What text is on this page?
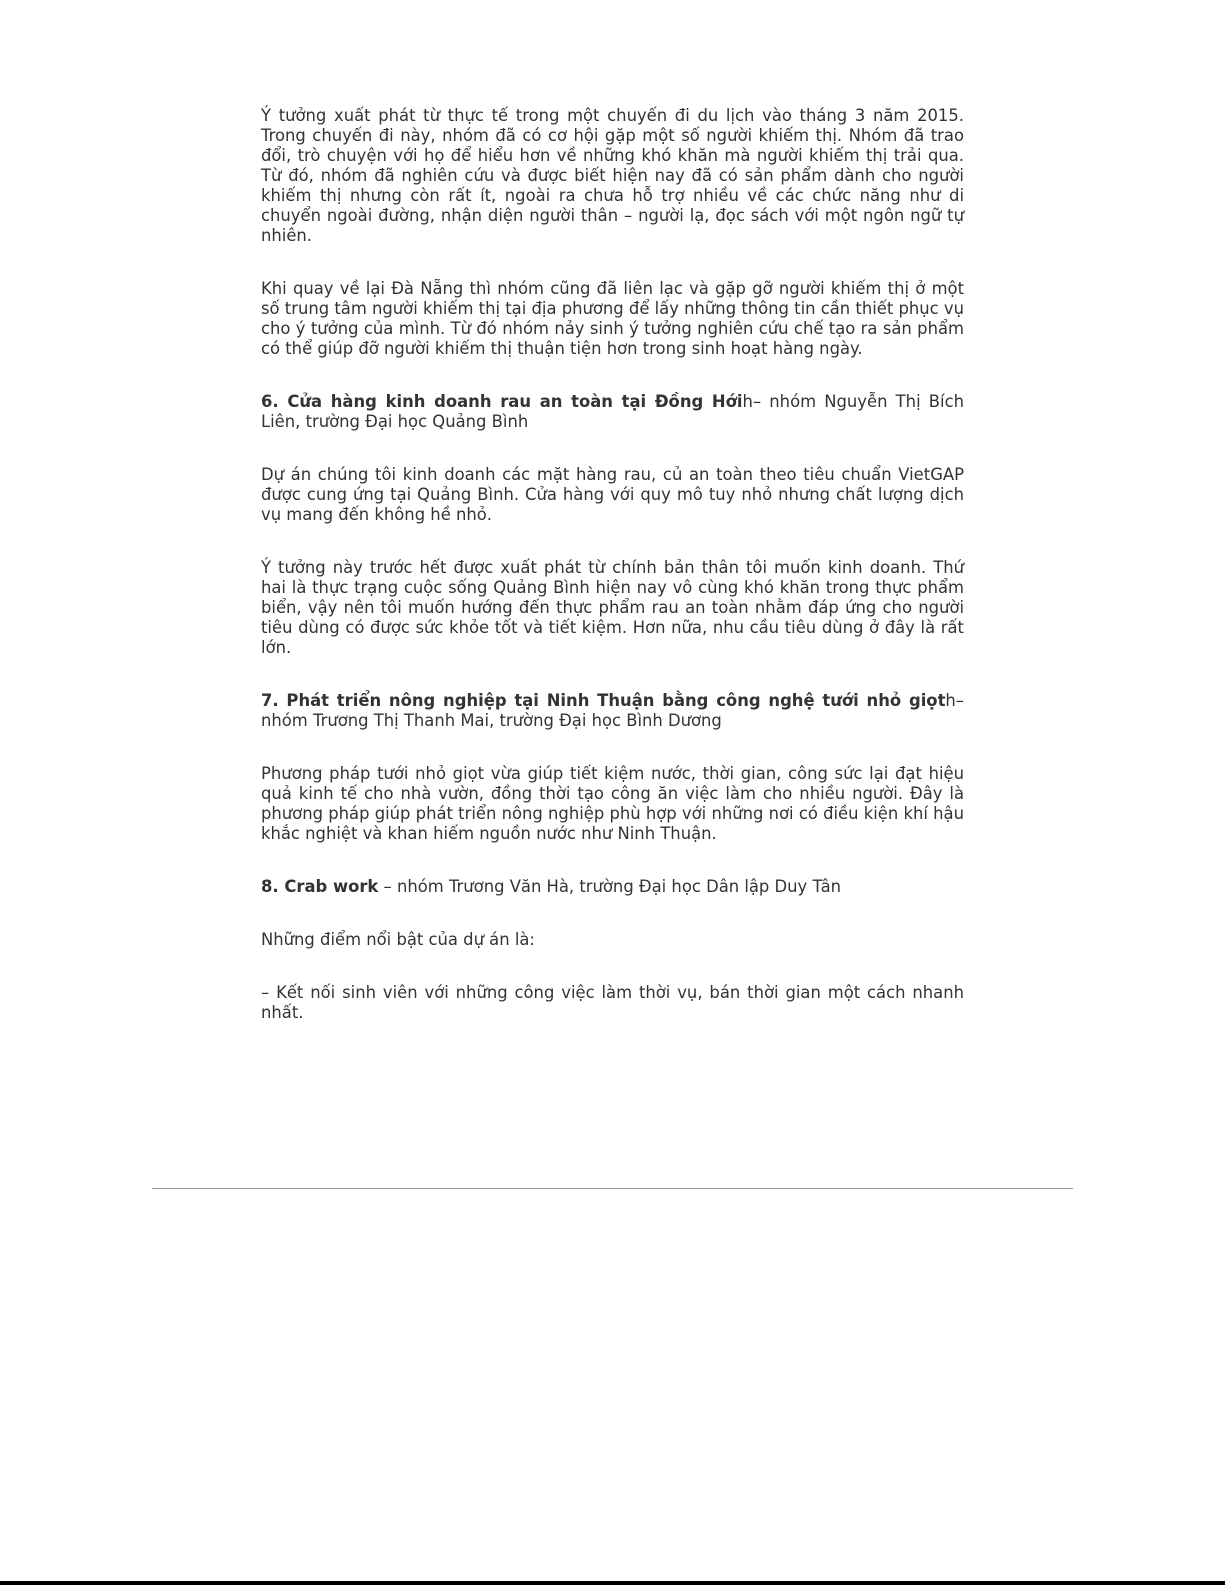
Ý tưởng xuất phát từ thực tế trong một chuyến đi du lịch vào tháng 3 năm 2015. Trong chuyến đi này, nhóm đã có cơ hội gặp một số người khiếm thị. Nhóm đã trao đổi, trò chuyện với họ để hiểu hơn về những khó khăn mà người khiếm thị trải qua. Từ đó, nhóm đã nghiên cứu và được biết hiện nay đã có sản phẩm dành cho người khiếm thị nhưng còn rất ít, ngoài ra chưa hỗ trợ nhiều về các chức năng như di chuyển ngoài đường, nhận diện người thân – người lạ, đọc sách với một ngôn ngữ tự nhiên.

Khi quay về lại Đà Nẵng thì nhóm cũng đã liên lạc và gặp gỡ người khiếm thị ở một số trung tâm người khiếm thị tại địa phương để lấy những thông tin cần thiết phục vụ cho ý tưởng của mình. Từ đó nhóm nảy sinh ý tưởng nghiên cứu chế tạo ra sản phẩm có thể giúp đỡ người khiếm thị thuận tiện hơn trong sinh hoạt hàng ngày.

6. Cửa hàng kinh doanh rau an toàn tại Đồng Hớih– nhóm Nguyễn Thị Bích Liên, trường Đại học Quảng Bình

Dự án chúng tôi kinh doanh các mặt hàng rau, củ an toàn theo tiêu chuẩn VietGAP được cung ứng tại Quảng Bình. Cửa hàng với quy mô tuy nhỏ nhưng chất lượng dịch vụ mang đến không hề nhỏ.

Ý tưởng này trước hết được xuất phát từ chính bản thân tôi muốn kinh doanh. Thứ hai là thực trạng cuộc sống Quảng Bình hiện nay vô cùng khó khăn trong thực phẩm biển, vậy nên tôi muốn hướng đến thực phẩm rau an toàn nhằm đáp ứng cho người tiêu dùng có được sức khỏe tốt và tiết kiệm. Hơn nữa, nhu cầu tiêu dùng ở đây là rất lớn.

7. Phát triển nông nghiệp tại Ninh Thuận bằng công nghệ tưới nhỏ giọth– nhóm Trương Thị Thanh Mai, trường Đại học Bình Dương

Phương pháp tưới nhỏ giọt vừa giúp tiết kiệm nước, thời gian, công sức lại đạt hiệu quả kinh tế cho nhà vườn, đồng thời tạo công ăn việc làm cho nhiều người. Đây là phương pháp giúp phát triển nông nghiệp phù hợp với những nơi có điều kiện khí hậu khắc nghiệt và khan hiếm nguồn nước như Ninh Thuận.

8. Crab work – nhóm Trương Văn Hà, trường Đại học Dân lập Duy Tân

Những điểm nổi bật của dự án là:

– Kết nối sinh viên với những công việc làm thời vụ, bán thời gian một cách nhanh nhất.
